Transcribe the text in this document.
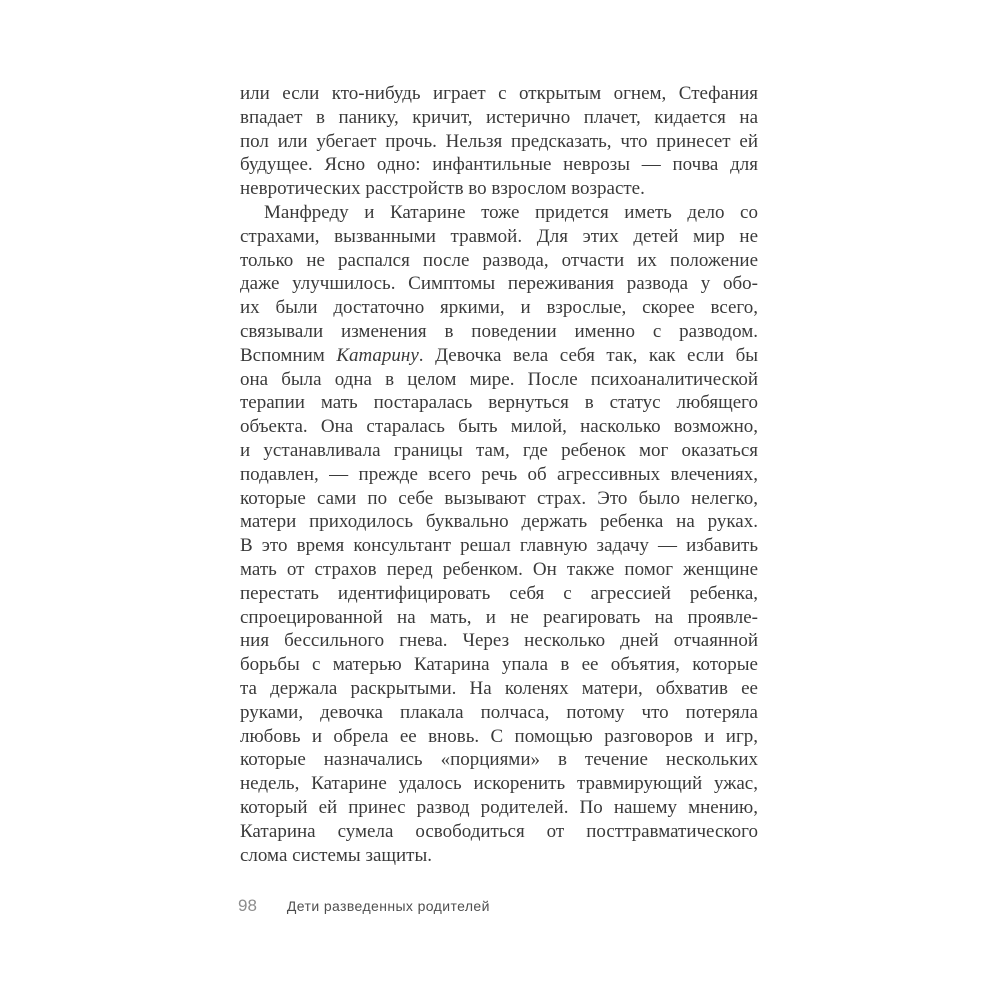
или если кто-нибудь играет с открытым огнем, Стефания
впадает в панику, кричит, истерично плачет, кидается на
пол или убегает прочь. Нельзя предсказать, что принесет ей
будущее. Ясно одно: инфантильные неврозы — почва для
невротических расстройств во взрослом возрасте.
Манфреду и Катарине тоже придется иметь дело со
страхами, вызванными травмой. Для этих детей мир не
только не распался после развода, отчасти их положение
даже улучшилось. Симптомы переживания развода у обо-
их были достаточно яркими, и взрослые, скорее всего,
связывали изменения в поведении именно с разводом.
Вспомним Катарину. Девочка вела себя так, как если бы
она была одна в целом мире. После психоаналитической
терапии мать постаралась вернуться в статус любящего
объекта. Она старалась быть милой, насколько возможно,
и устанавливала границы там, где ребенок мог оказаться
подавлен, — прежде всего речь об агрессивных влечениях,
которые сами по себе вызывают страх. Это было нелегко,
матери приходилось буквально держать ребенка на руках.
В это время консультант решал главную задачу — избавить
мать от страхов перед ребенком. Он также помог женщине
перестать идентифицировать себя с агрессией ребенка,
спроецированной на мать, и не реагировать на проявле-
ния бессильного гнева. Через несколько дней отчаянной
борьбы с матерью Катарина упала в ее объятия, которые
та держала раскрытыми. На коленях матери, обхватив ее
руками, девочка плакала полчаса, потому что потеряла
любовь и обрела ее вновь. С помощью разговоров и игр,
которые назначались «порциями» в течение нескольких
недель, Катарине удалось искоренить травмирующий ужас,
который ей принес развод родителей. По нашему мнению,
Катарина сумела освободиться от посттравматического
слома системы защиты.
98 Дети разведенных родителей
